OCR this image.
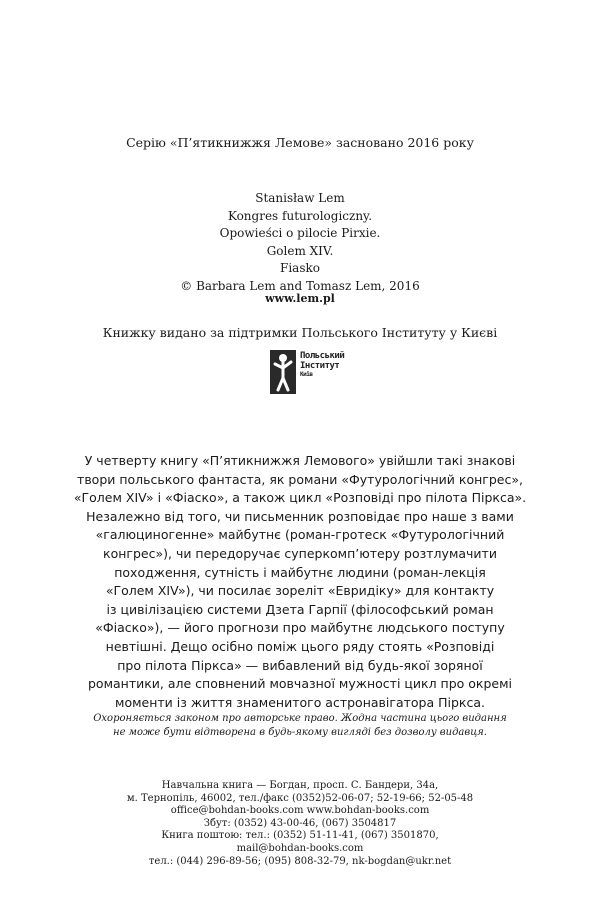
Серію «П’ятикнижжя Лемове» засновано 2016 року
Stanisław Lem
Kongres futurologiczny.
Opowieści o pilocie Pirxie.
Golem XIV.
Fiasko
© Barbara Lem and Tomasz Lem, 2016
www.lem.pl
Книжку видано за підтримки Польського Інституту у Києві
Польський
Інститут
Київ
У четверту книгу «П’ятикнижжя Лемового» увійшли такі знакові
твори польського фантаста, як романи «Футурологічний конгрес»,
«Голем XIV» і «Фіаско», а також цикл «Розповіді про пілота Піркса».
Незалежно від того, чи письменник розповідає про наше з вами
«галюциногенне» майбутнє (роман-гротеск «Футурологічний
конгрес»), чи передоручає суперкомп’ютеру розтлумачити
походження, сутність і майбутнє людини (роман-лекція
«Голем XIV»), чи посилає зореліт «Евридіку» для контакту
із цивілізацією системи Дзета Гарпії (філософський роман
«Фіаско»), — його прогнози про майбутнє людського поступу
невтішні. Дещо осібно поміж цього ряду стоять «Розповіді
про пілота Піркса» — вибавлений від будь-якої зоряної
романтики, але сповнений мовчазної мужності цикл про окремі
моменти із життя знаменитого астронавігатора Піркса.
Охороняється законом про авторське право. Жодна частина цього видання
не може бути відтворена в будь-якому вигляді без дозволу видавця.
Навчальна книга — Богдан, просп. С. Бандери, 34а,
м. Тернопіль, 46002, тел./факс (0352)52-06-07; 52-19-66; 52-05-48
office@bohdan-books.com www.bohdan-books.com
Збут: (0352) 43-00-46, (067) 3504817
Книга поштою: тел.: (0352) 51-11-41, (067) 3501870,
mail@bohdan-books.com
тел.: (044) 296-89-56; (095) 808-32-79, nk-bogdan@ukr.net
